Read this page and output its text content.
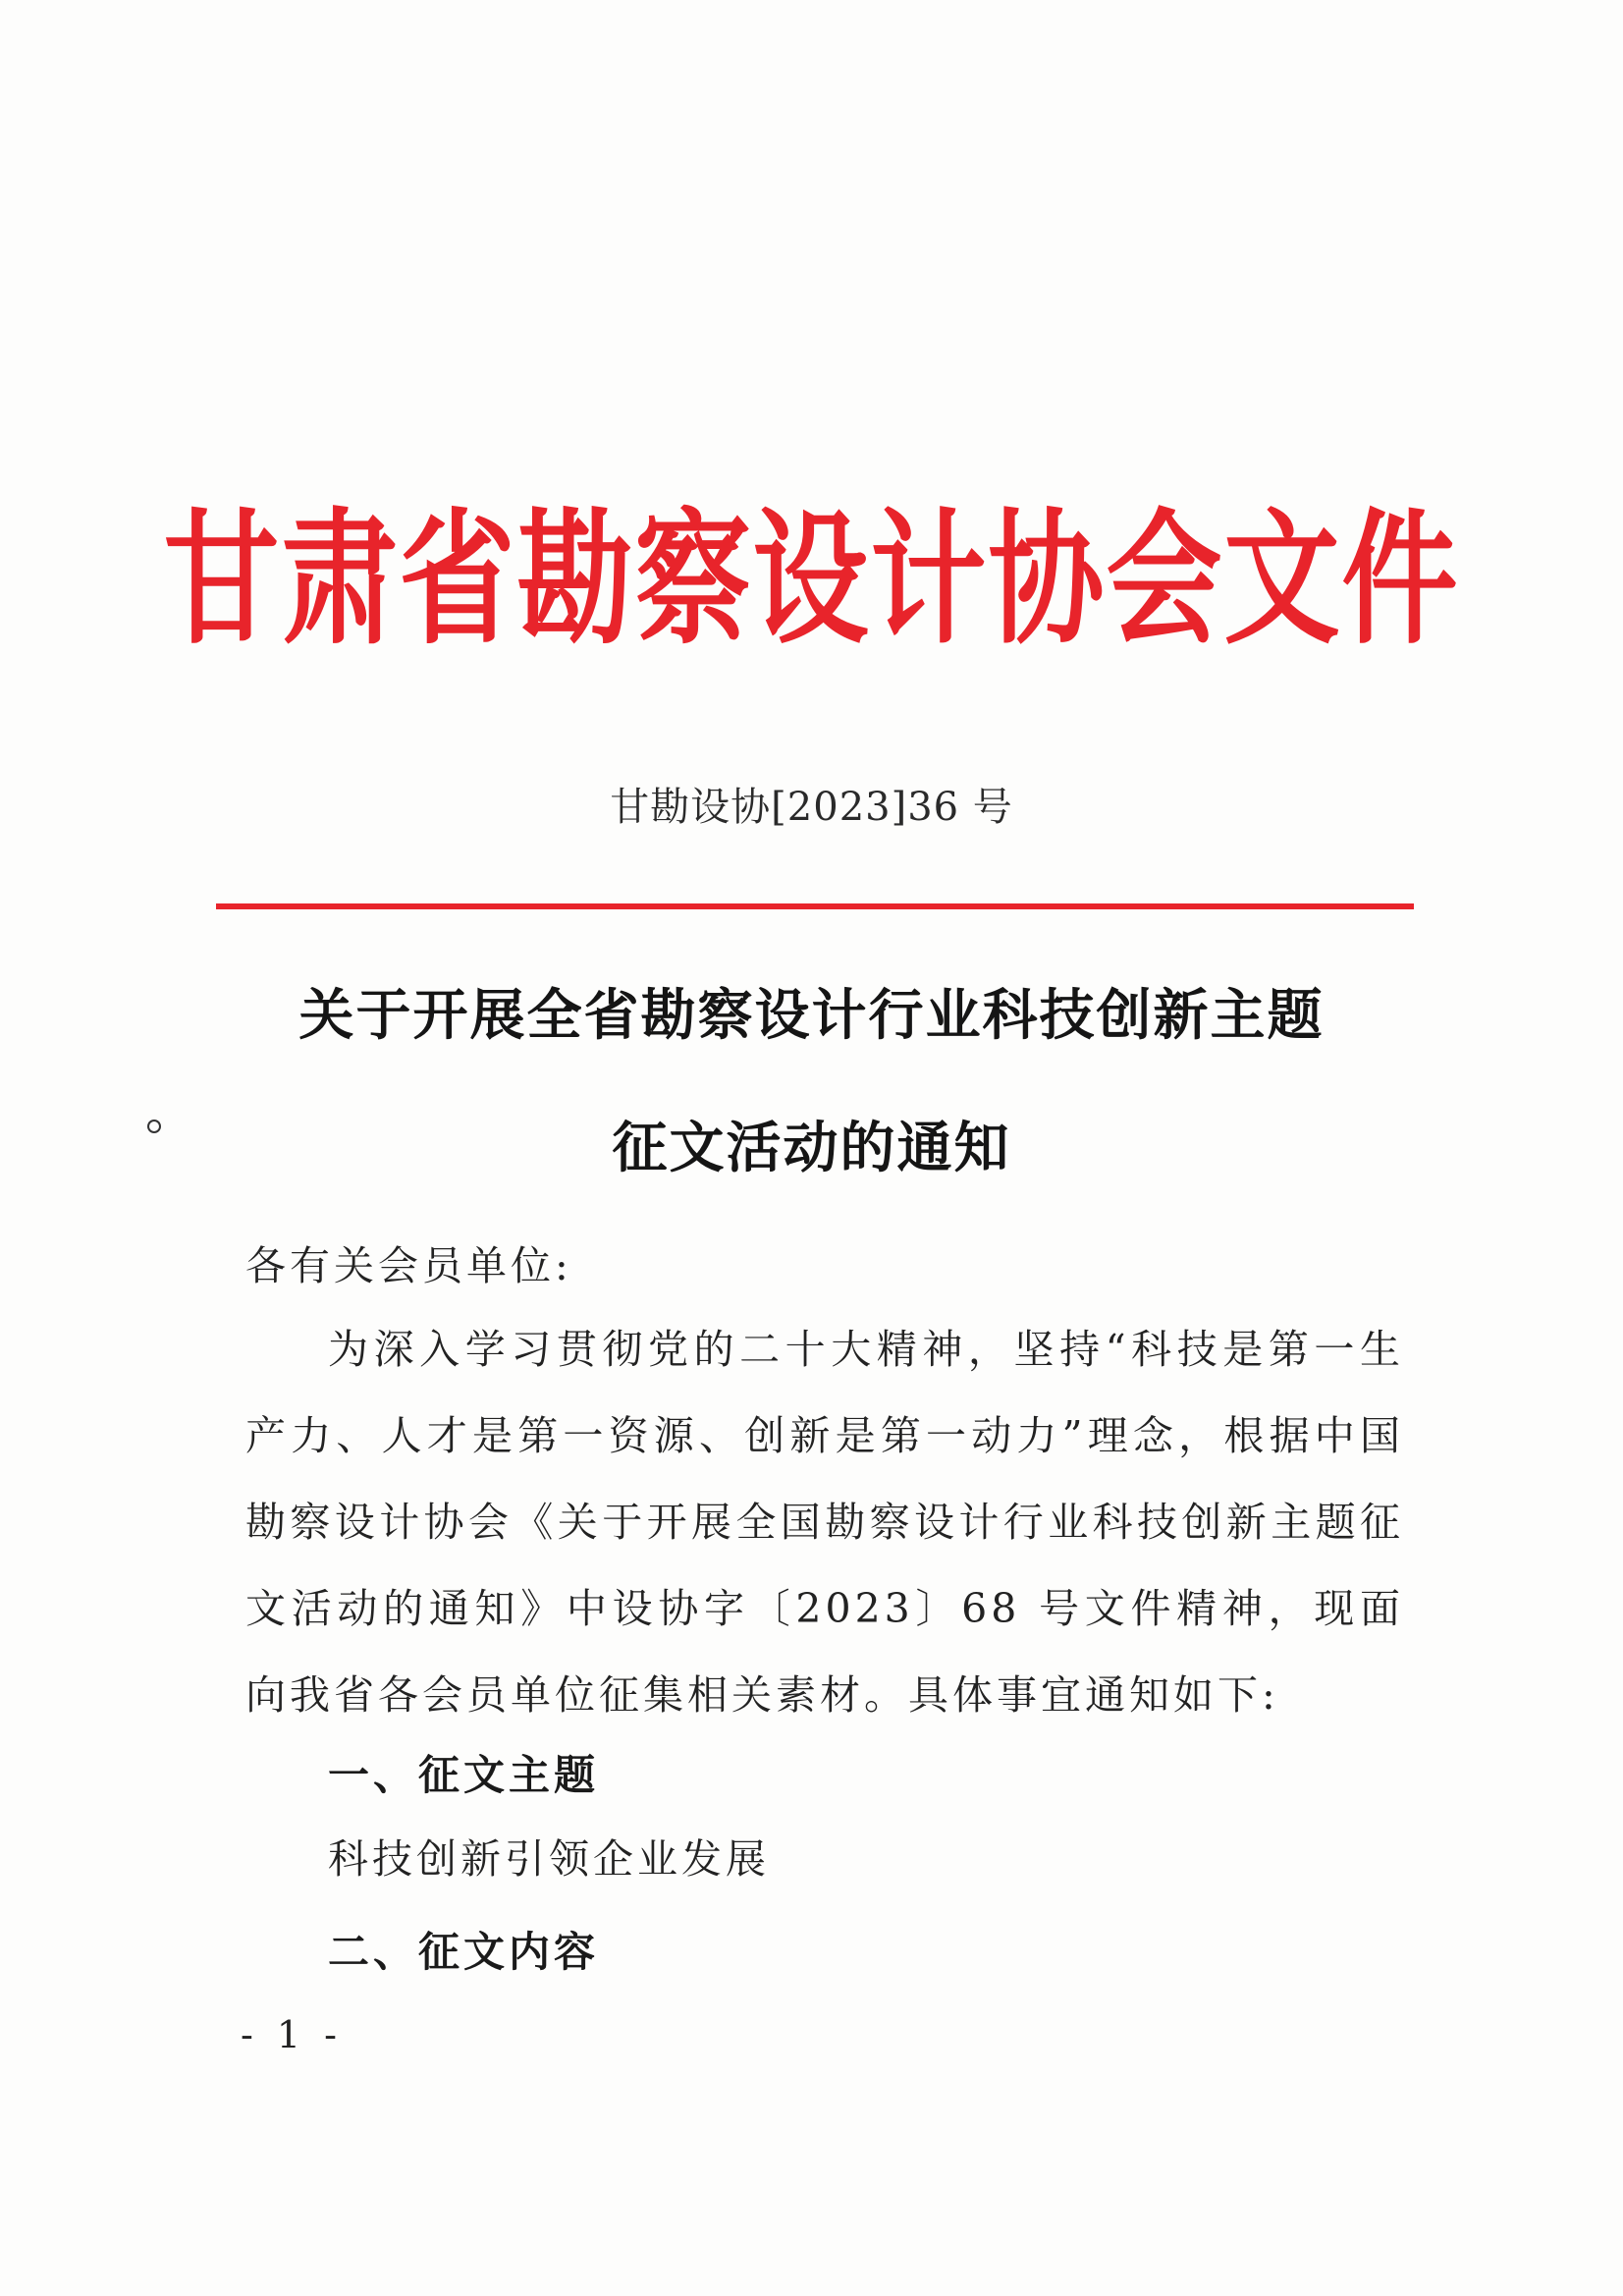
甘肃省勘察设计协会文件
甘勘设协[2023]36 号
关于开展全省勘察设计行业科技创新主题
征文活动的通知
各有关会员单位:
为深入学习贯彻党的二十大精神，坚持“科技是第一生产力、人才是第一资源、创新是第一动力”理念，根据中国勘察设计协会《关于开展全国勘察设计行业科技创新主题征文活动的通知》中设协字〔2023〕68 号文件精神，现面向我省各会员单位征集相关素材。具体事宜通知如下:
一、征文主题
科技创新引领企业发展
二、征文内容
- 1 -
